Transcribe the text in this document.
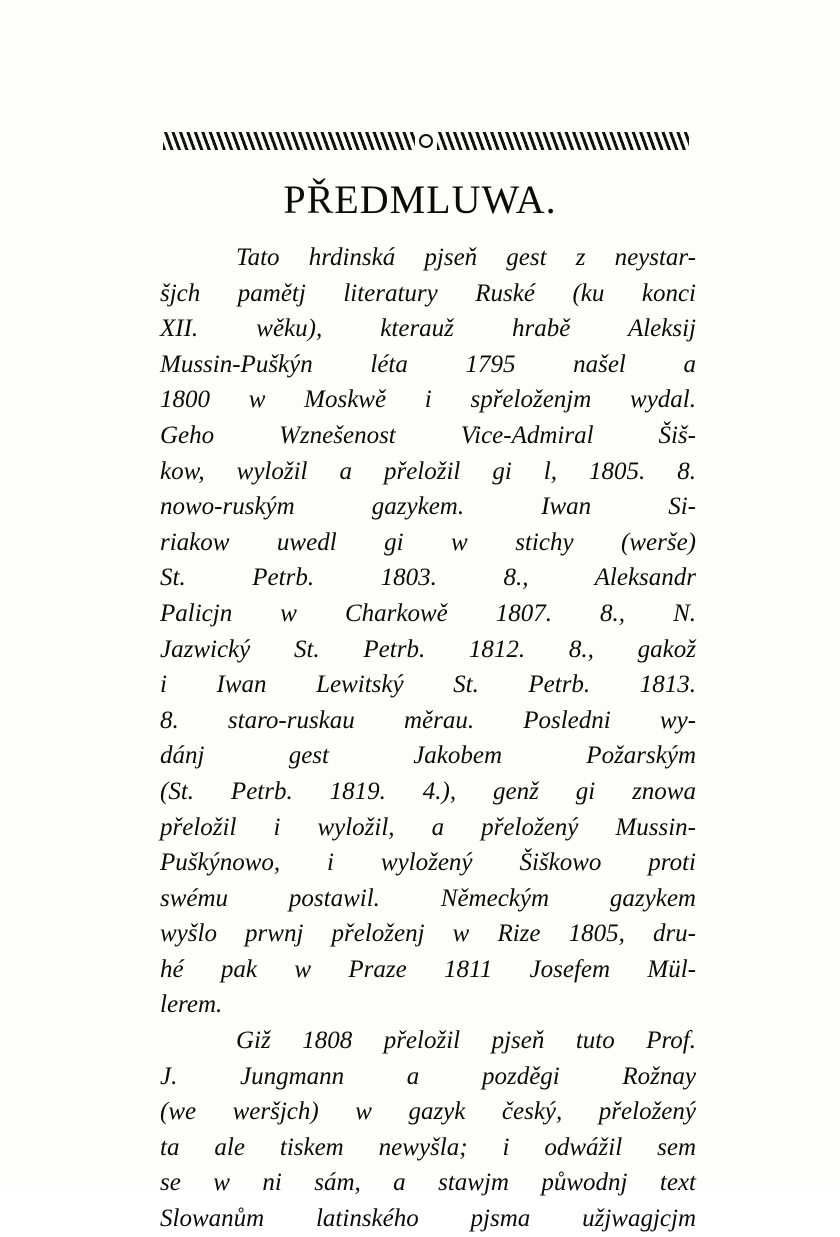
PŘEDMLUWA.
Tato hrdinská pjseň gest z neystar-
šjch pamětj literatury Ruské (ku konci
XII. wěku), kterauž hrabě Aleksij
Mussin-Puškýn léta 1795 našel a
1800 w Moskwě i spřeloženjm wydal.
Geho Wznešenost Vice-Admiral Šiš-
kow, wyložil a přeložil gi l, 1805. 8.
nowo-ruským gazykem. Iwan Si-
riakow uwedl gi w stichy (werše)
St. Petrb. 1803. 8., Aleksandr
Palicjn w Charkowě 1807. 8., N.
Jazwický St. Petrb. 1812. 8., gakož
i Iwan Lewitský St. Petrb. 1813.
8. staro-ruskau měrau. Posledni wy-
dánj gest Jakobem Požarským
(St. Petrb. 1819. 4.), genž gi znowa
přeložil i wyložil, a přeložený Mussin-
Puškýnowo, i wyložený Šiškowo proti
swému postawil. Německým gazykem
wyšlo prwnj přeloženj w Rize 1805, dru-
hé pak w Praze 1811 Josefem Mül-
lerem.
Giž 1808 přeložil pjseň tuto Prof.
J. Jungmann a pozděgi Rožnay
(we weršjch) w gazyk český, přeložený
ta ale tiskem newyšla; i odwážil sem
se w ni sám, a stawjm půwodnj text
Slowanům latinského pjsma užjwagjcjm
